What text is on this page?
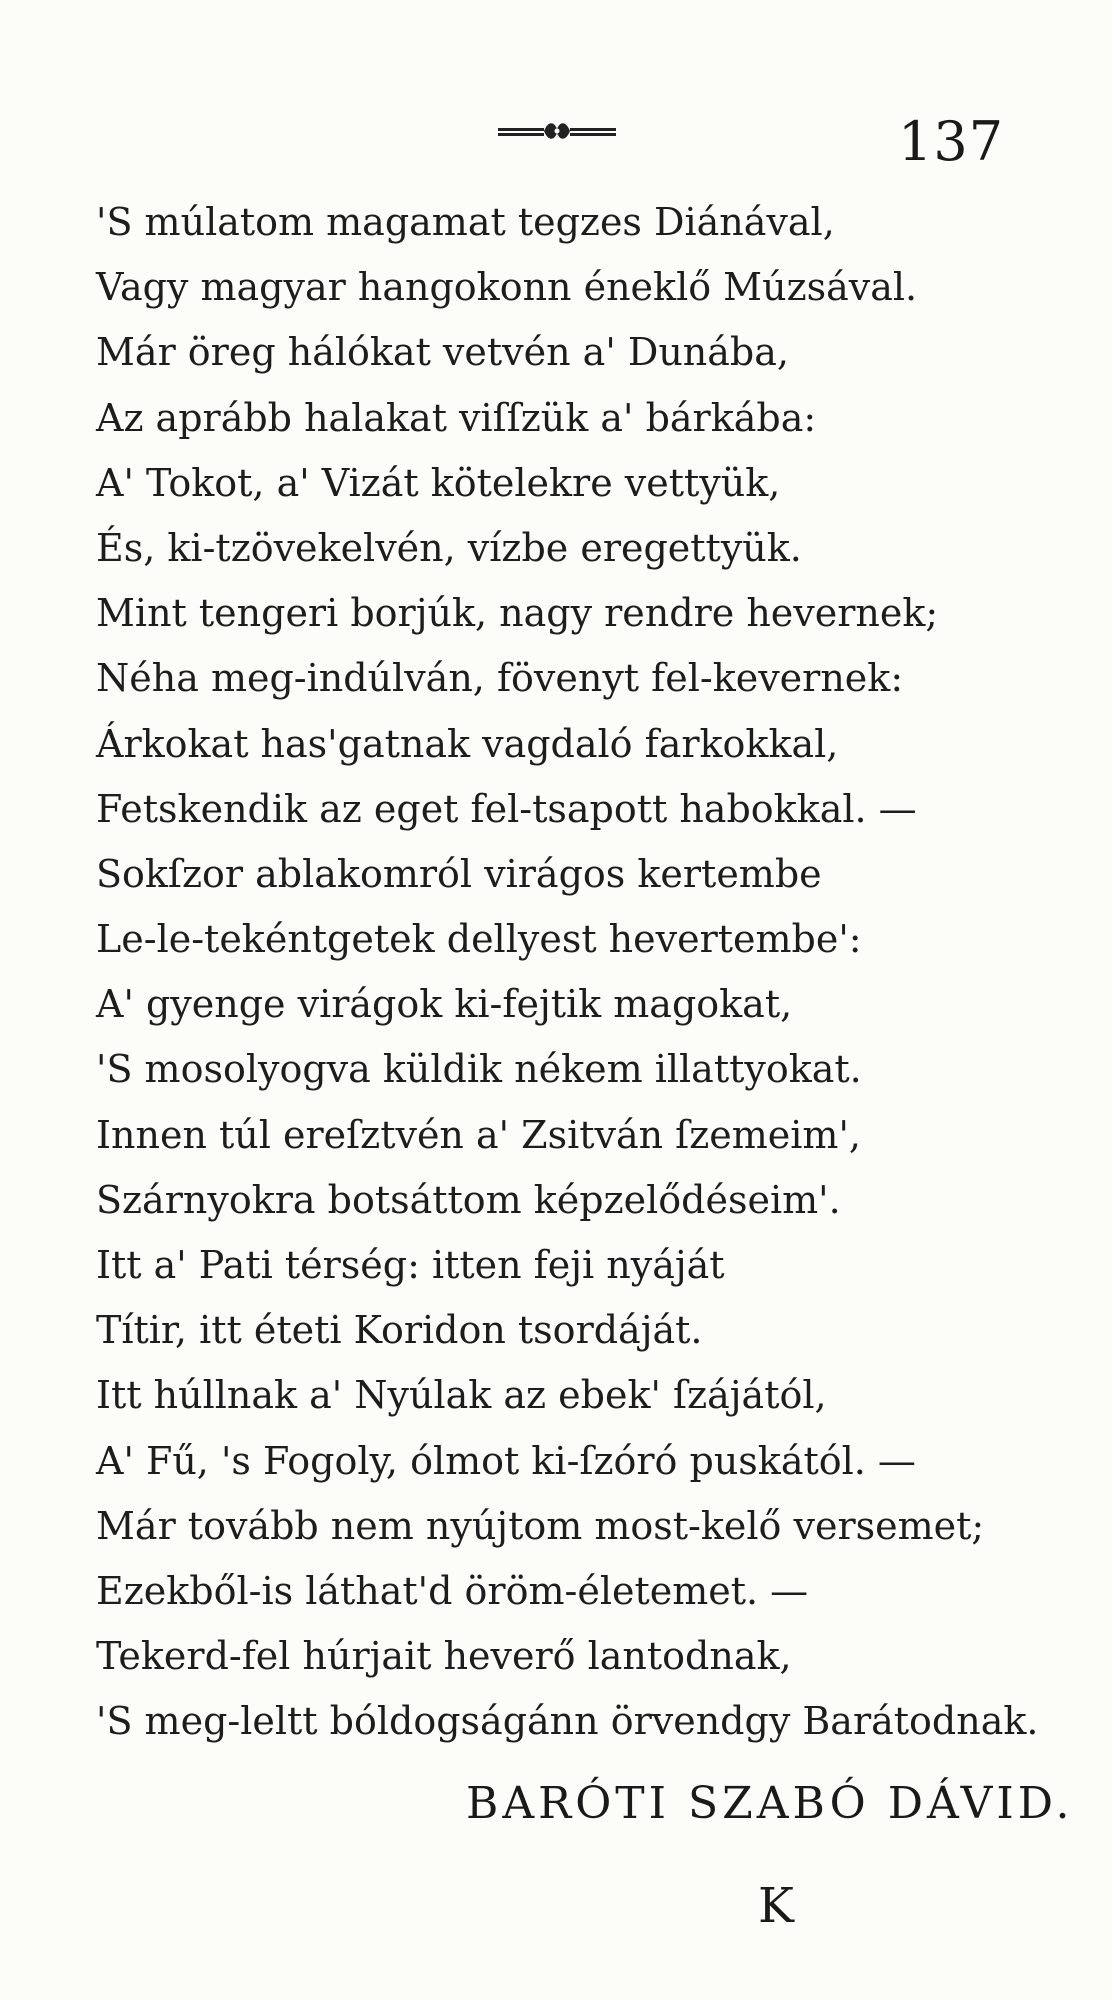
137
'S múlatom magamat tegzes Diánával,
Vagy magyar hangokonn éneklő Múzsával.
Már öreg hálókat vetvén a' Dunába,
Az aprább halakat viſſzük a' bárkába:
A' Tokot, a' Vizát kötelekre vettyük,
És, ki-tzövekelvén, vízbe eregettyük.
Mint tengeri borjúk, nagy rendre hevernek;
Néha meg-indúlván, fövenyt fel-kevernek:
Árkokat has'gatnak vagdaló farkokkal,
Fetskendik az eget fel-tsapott habokkal. —
Sokſzor ablakomról virágos kertembe
Le-le-tekéntgetek dellyest hevertembe':
A' gyenge virágok ki-fejtik magokat,
'S mosolyogva küldik nékem illattyokat.
Innen túl ereſztvén a' Zsitván ſzemeim',
Szárnyokra botsáttom képzelődéseim'.
Itt a' Pati térség: itten feji nyáját
Títir, itt éteti Koridon tsordáját.
Itt húllnak a' Nyúlak az ebek' ſzájától,
A' Fű, 's Fogoly, ólmot ki-ſzóró puskától. —
Már tovább nem nyújtom most-kelő versemet;
Ezekből-is láthat'd öröm-életemet. —
Tekerd-fel húrjait heverő lantodnak,
'S meg-leltt bóldogságánn örvendgy Barátodnak.
BARÓTI SZABÓ DÁVID.
K
